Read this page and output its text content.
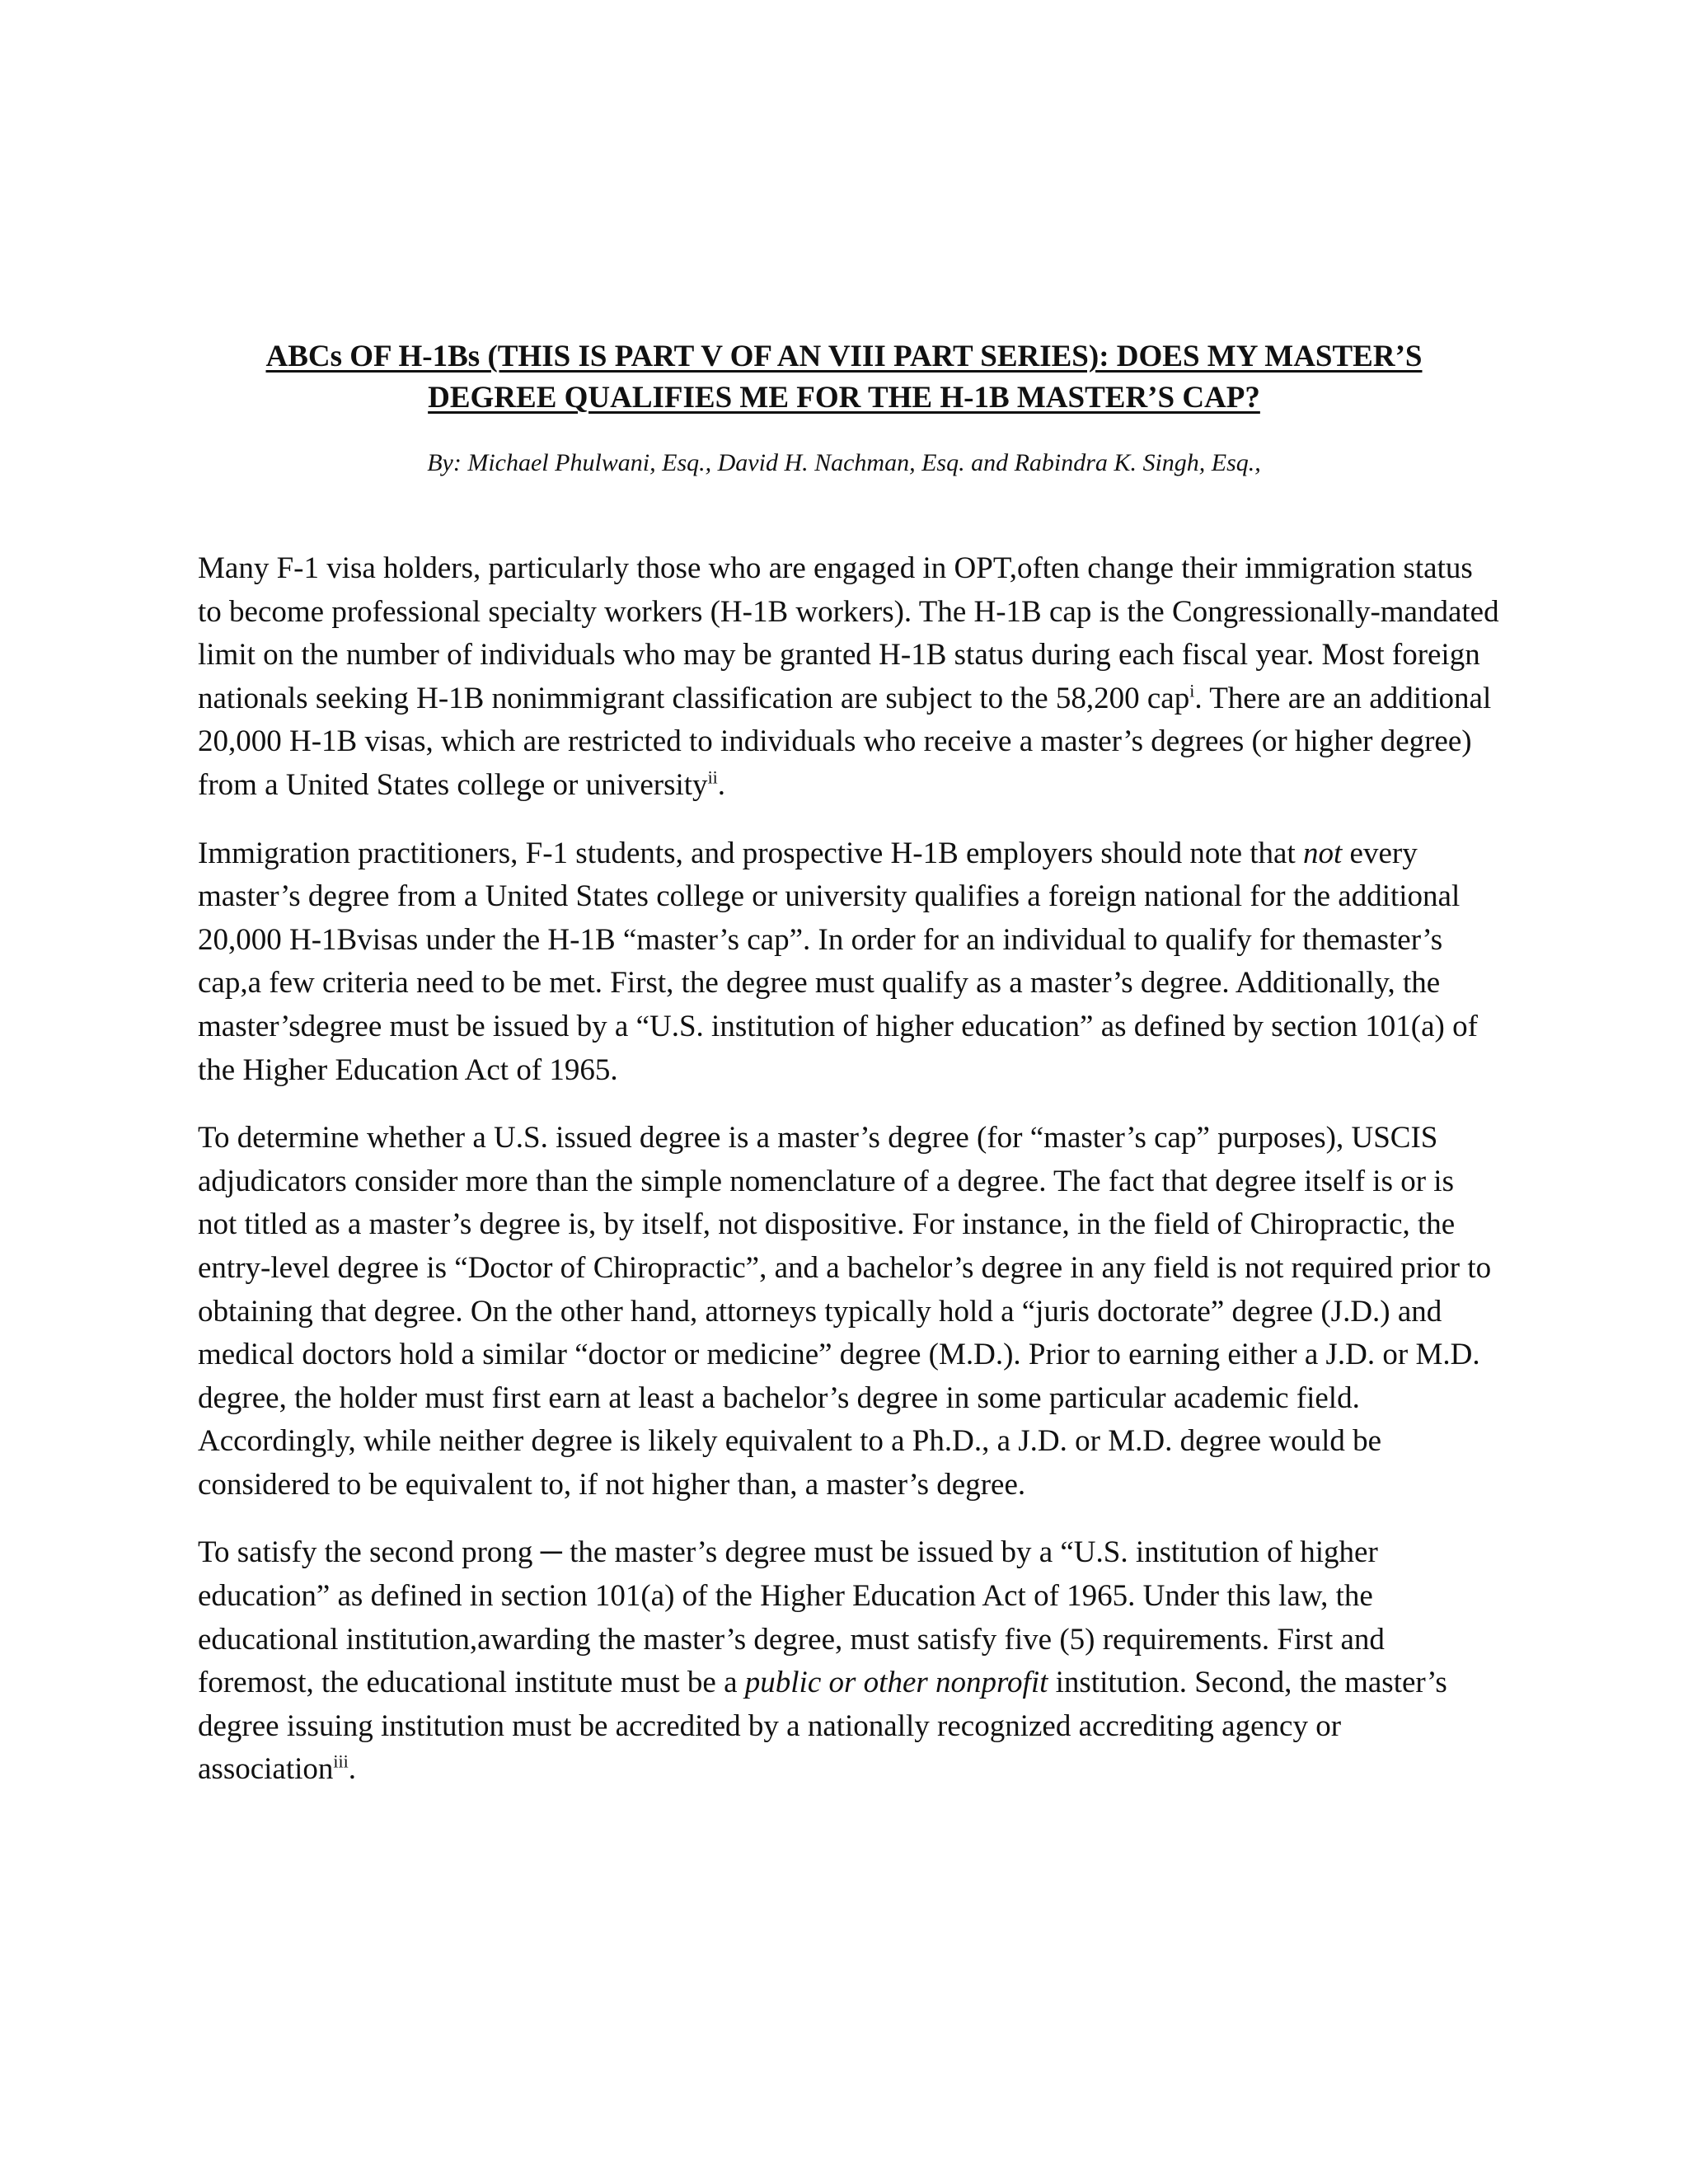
ABCs OF H-1Bs (THIS IS PART V OF AN VIII PART SERIES): DOES MY MASTER’S
DEGREE QUALIFIES ME FOR THE H-1B MASTER’S CAP?

By: Michael Phulwani, Esq., David H. Nachman, Esq. and Rabindra K. Singh, Esq.,

Many F-1 visa holders, particularly those who are engaged in OPT,often change their immigration status to become professional specialty workers (H-1B workers). The H-1B cap is the Congressionally-mandated limit on the number of individuals who may be granted H-1B status during each fiscal year. Most foreign nationals seeking H-1B nonimmigrant classification are subject to the 58,200 cap$^i$. There are an additional 20,000 H-1B visas, which are restricted to individuals who receive a master’s degrees (or higher degree) from a United States college or university$^{ii}$.

Immigration practitioners, F-1 students, and prospective H-1B employers should note that not every master’s degree from a United States college or university qualifies a foreign national for the additional 20,000 H-1Bvisas under the H-1B “master’s cap”. In order for an individual to qualify for themaster’s cap,a few criteria need to be met. First, the degree must qualify as a master’s degree. Additionally, the master’sdegree must be issued by a “U.S. institution of higher education” as defined by section 101(a) of the Higher Education Act of 1965.

To determine whether a U.S. issued degree is a master’s degree (for “master’s cap” purposes), USCIS adjudicators consider more than the simple nomenclature of a degree. The fact that degree itself is or is not titled as a master’s degree is, by itself, not dispositive. For instance, in the field of Chiropractic, the entry-level degree is “Doctor of Chiropractic”, and a bachelor’s degree in any field is not required prior to obtaining that degree. On the other hand, attorneys typically hold a “juris doctorate” degree (J.D.) and medical doctors hold a similar “doctor or medicine” degree (M.D.). Prior to earning either a J.D. or M.D. degree, the holder must first earn at least a bachelor’s degree in some particular academic field. Accordingly, while neither degree is likely equivalent to a Ph.D., a J.D. or M.D. degree would be considered to be equivalent to, if not higher than, a master’s degree.

To satisfy the second prong ─ the master’s degree must be issued by a “U.S. institution of higher education” as defined in section 101(a) of the Higher Education Act of 1965. Under this law, the educational institution,awarding the master’s degree, must satisfy five (5) requirements. First and foremost, the educational institute must be a public or other nonprofit institution. Second, the master’s degree issuing institution must be accredited by a nationally recognized accrediting agency or association$^{iii}$.
